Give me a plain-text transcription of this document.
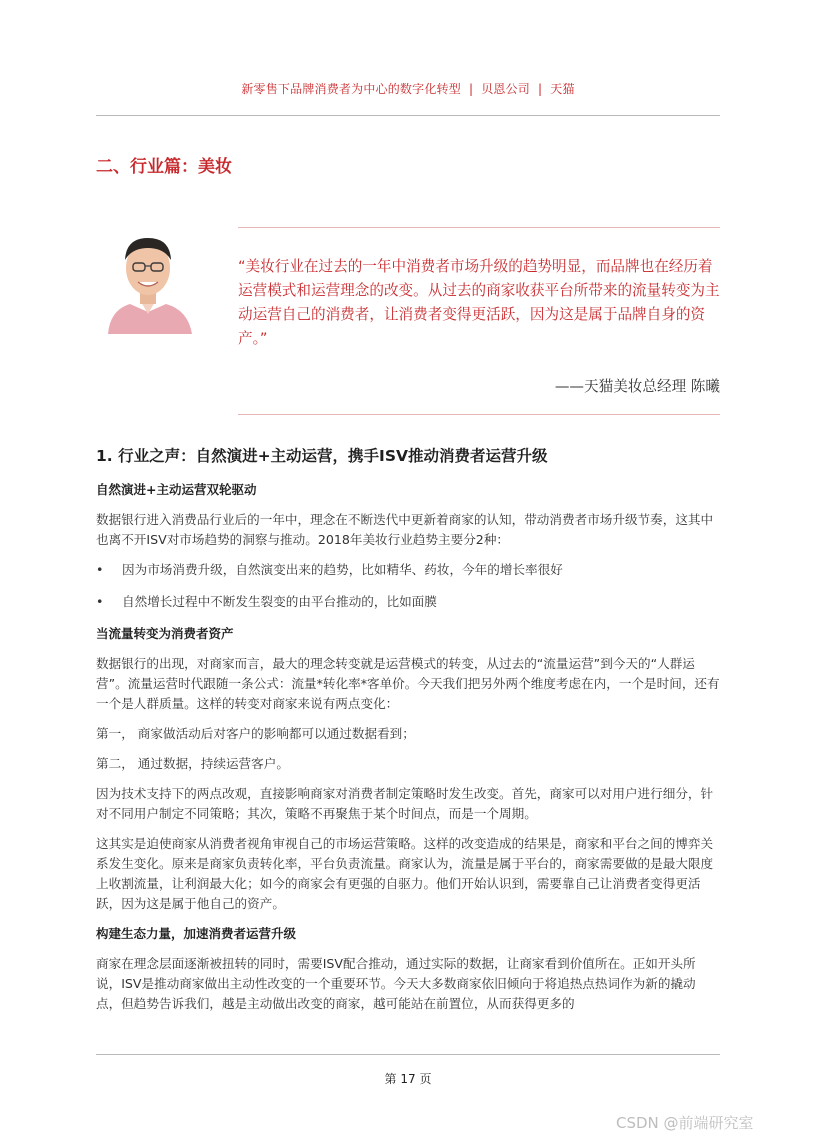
新零售下品牌消费者为中心的数字化转型 | 贝恩公司 | 天猫
二、行业篇：美妆
“美妆行业在过去的一年中消费者市场升级的趋势明显，而品牌也在经历着运营模式和运营理念的改变。从过去的商家收获平台所带来的流量转变为主动运营自己的消费者，让消费者变得更活跃，因为这是属于品牌自身的资产。”
——天猫美妆总经理 陈曦
1. 行业之声：自然演进+主动运营，携手ISV推动消费者运营升级
自然演进+主动运营双轮驱动
数据银行进入消费品行业后的一年中，理念在不断迭代中更新着商家的认知，带动消费者市场升级节奏，这其中也离不开ISV对市场趋势的洞察与推动。2018年美妆行业趋势主要分2种：
• 因为市场消费升级，自然演变出来的趋势，比如精华、药妆，今年的增长率很好
• 自然增长过程中不断发生裂变的由平台推动的，比如面膜
当流量转变为消费者资产
数据银行的出现，对商家而言，最大的理念转变就是运营模式的转变，从过去的“流量运营”到今天的“人群运营”。流量运营时代跟随一条公式：流量*转化率*客单价。今天我们把另外两个维度考虑在内，一个是时间，还有一个是人群质量。这样的转变对商家来说有两点变化：
第一， 商家做活动后对客户的影响都可以通过数据看到；
第二， 通过数据，持续运营客户。
因为技术支持下的两点改观，直接影响商家对消费者制定策略时发生改变。首先，商家可以对用户进行细分，针对不同用户制定不同策略；其次，策略不再聚焦于某个时间点，而是一个周期。
这其实是迫使商家从消费者视角审视自己的市场运营策略。这样的改变造成的结果是，商家和平台之间的博弈关系发生变化。原来是商家负责转化率，平台负责流量。商家认为，流量是属于平台的，商家需要做的是最大限度上收割流量，让利润最大化；如今的商家会有更强的自驱力。他们开始认识到，需要靠自己让消费者变得更活跃，因为这是属于他自己的资产。
构建生态力量，加速消费者运营升级
商家在理念层面逐渐被扭转的同时，需要ISV配合推动，通过实际的数据，让商家看到价值所在。正如开头所说，ISV是推动商家做出主动性改变的一个重要环节。今天大多数商家依旧倾向于将追热点热词作为新的撬动点，但趋势告诉我们，越是主动做出改变的商家，越可能站在前置位，从而获得更多的
第 17 页
CSDN @前端研究室
